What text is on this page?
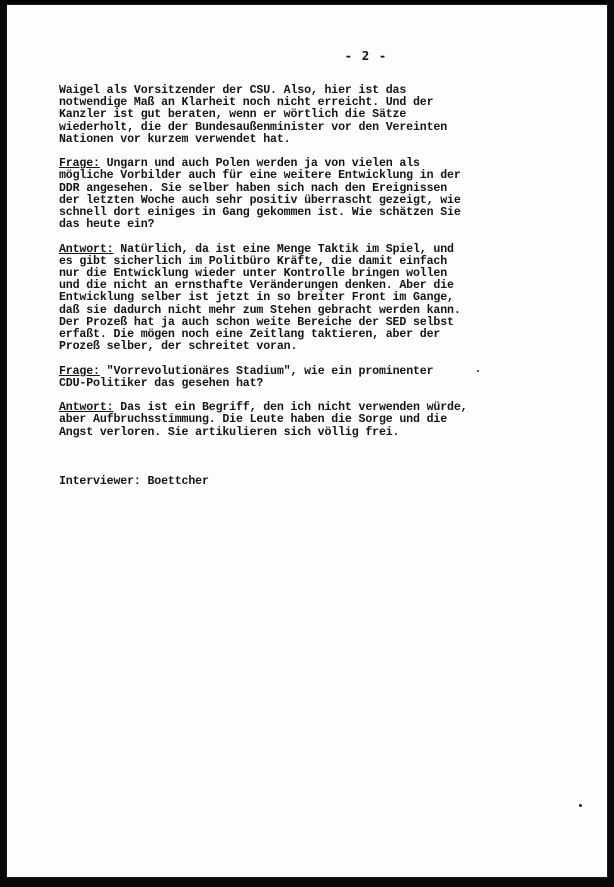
- 2 -
Waigel als Vorsitzender der CSU. Also, hier ist das
notwendige Maß an Klarheit noch nicht erreicht. Und der
Kanzler ist gut beraten, wenn er wörtlich die Sätze
wiederholt, die der Bundesaußenminister vor den Vereinten
Nationen vor kurzem verwendet hat.
Frage: Ungarn und auch Polen werden ja von vielen als
mögliche Vorbilder auch für eine weitere Entwicklung in der
DDR angesehen. Sie selber haben sich nach den Ereignissen
der letzten Woche auch sehr positiv überrascht gezeigt, wie
schnell dort einiges in Gang gekommen ist. Wie schätzen Sie
das heute ein?
Antwort: Natürlich, da ist eine Menge Taktik im Spiel, und
es gibt sicherlich im Politbüro Kräfte, die damit einfach
nur die Entwicklung wieder unter Kontrolle bringen wollen
und die nicht an ernsthafte Veränderungen denken. Aber die
Entwicklung selber ist jetzt in so breiter Front im Gange,
daß sie dadurch nicht mehr zum Stehen gebracht werden kann.
Der Prozeß hat ja auch schon weite Bereiche der SED selbst
erfaßt. Die mögen noch eine Zeitlang taktieren, aber der
Prozeß selber, der schreitet voran.
Frage: "Vorrevolutionäres Stadium", wie ein prominenter
CDU-Politiker das gesehen hat?
Antwort: Das ist ein Begriff, den ich nicht verwenden würde,
aber Aufbruchsstimmung. Die Leute haben die Sorge und die
Angst verloren. Sie artikulieren sich völlig frei.
Interviewer: Boettcher
